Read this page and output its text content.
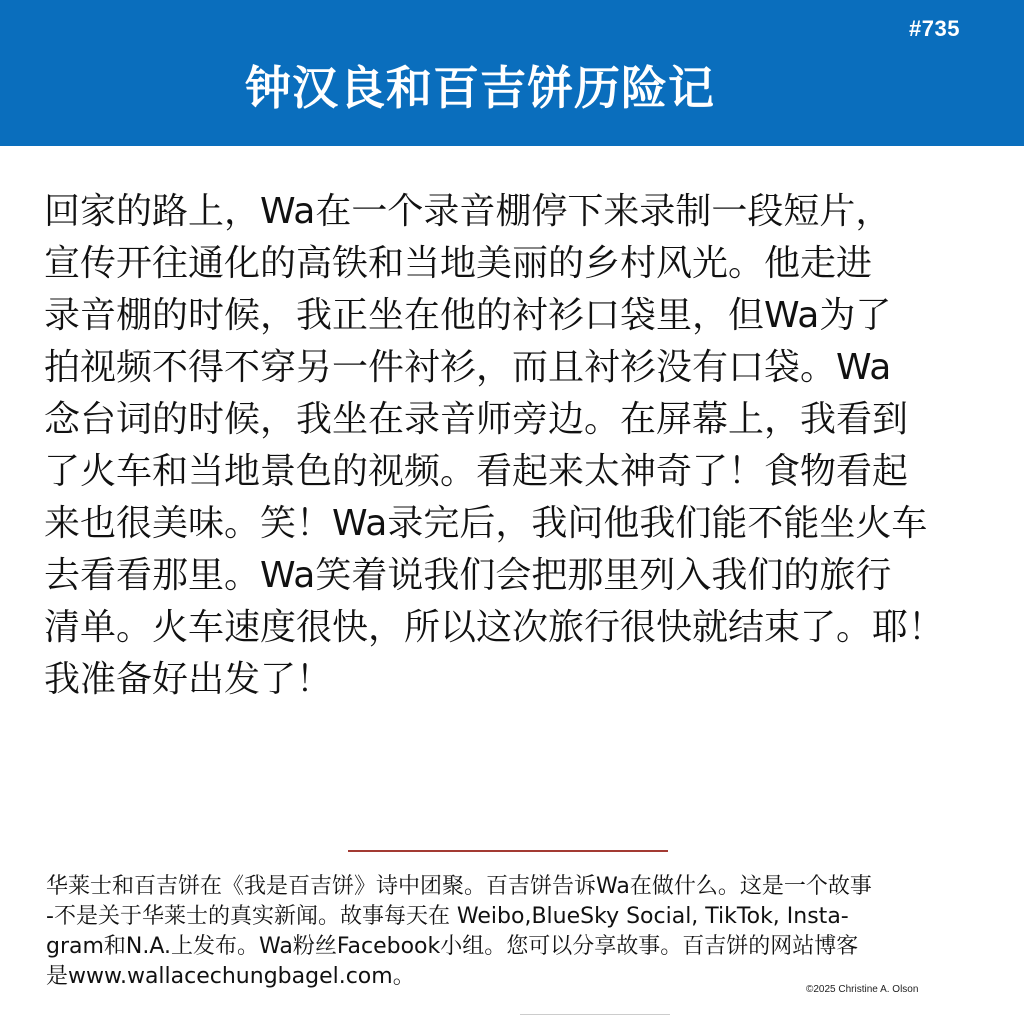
#735
钟汉良和百吉饼历险记
回家的路上，Wa在一个录音棚停下来录制一段短片，
宣传开往通化的高铁和当地美丽的乡村风光。他走进
录音棚的时候，我正坐在他的衬衫口袋里，但Wa为了
拍视频不得不穿另一件衬衫，而且衬衫没有口袋。Wa
念台词的时候，我坐在录音师旁边。在屏幕上，我看到
了火车和当地景色的视频。看起来太神奇了！食物看起
来也很美味。笑！Wa录完后，我问他我们能不能坐火车
去看看那里。Wa笑着说我们会把那里列入我们的旅行
清单。火车速度很快，所以这次旅行很快就结束了。耶！
我准备好出发了！
华莱士和百吉饼在《我是百吉饼》诗中团聚。百吉饼告诉Wa在做什么。这是一个故事
-不是关于华莱士的真实新闻。故事每天在 Weibo,BlueSky Social, TikTok, Insta-
gram和N.A.上发布。Wa粉丝Facebook小组。您可以分享故事。百吉饼的网站博客
是www.wallacechungbagel.com。
©2025 Christine A. Olson
